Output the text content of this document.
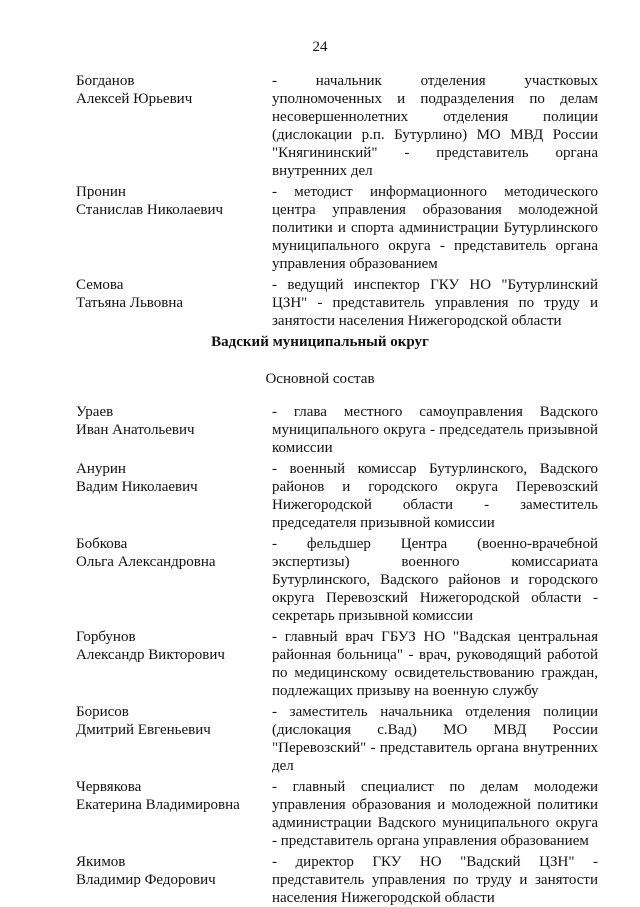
24
Богданов
Алексей Юрьевич
- начальник отделения участковых уполномоченных и подразделения по делам несовершеннолетних отделения полиции (дислокации р.п. Бутурлино) МО МВД России "Княгининский" - представитель органа внутренних дел
Пронин
Станислав Николаевич
- методист информационного методического центра управления образования молодежной политики и спорта администрации Бутурлинского муниципального округа - представитель органа управления образованием
Семова
Татьяна Львовна
- ведущий инспектор ГКУ НО "Бутурлинский ЦЗН" - представитель управления по труду и занятости населения Нижегородской области
Вадский муниципальный округ
Основной состав
Ураев
Иван Анатольевич
- глава местного самоуправления Вадского муниципального округа - председатель призывной комиссии
Анурин
Вадим Николаевич
- военный комиссар Бутурлинского, Вадского районов и городского округа Перевозский Нижегородской области - заместитель председателя призывной комиссии
Бобкова
Ольга Александровна
- фельдшер Центра (военно-врачебной экспертизы) военного комиссариата Бутурлинского, Вадского районов и городского округа Перевозский Нижегородской области - секретарь призывной комиссии
Горбунов
Александр Викторович
- главный врач ГБУЗ НО "Вадская центральная районная больница" - врач, руководящий работой по медицинскому освидетельствованию граждан, подлежащих призыву на военную службу
Борисов
Дмитрий Евгеньевич
- заместитель начальника отделения полиции (дислокация с.Вад) МО МВД России "Перевозский" - представитель органа внутренних дел
Червякова
Екатерина Владимировна
- главный специалист по делам молодежи управления образования и молодежной политики администрации Вадского муниципального округа - представитель органа управления образованием
Якимов
Владимир Федорович
- директор ГКУ НО "Вадский ЦЗН" - представитель управления по труду и занятости населения Нижегородской области
